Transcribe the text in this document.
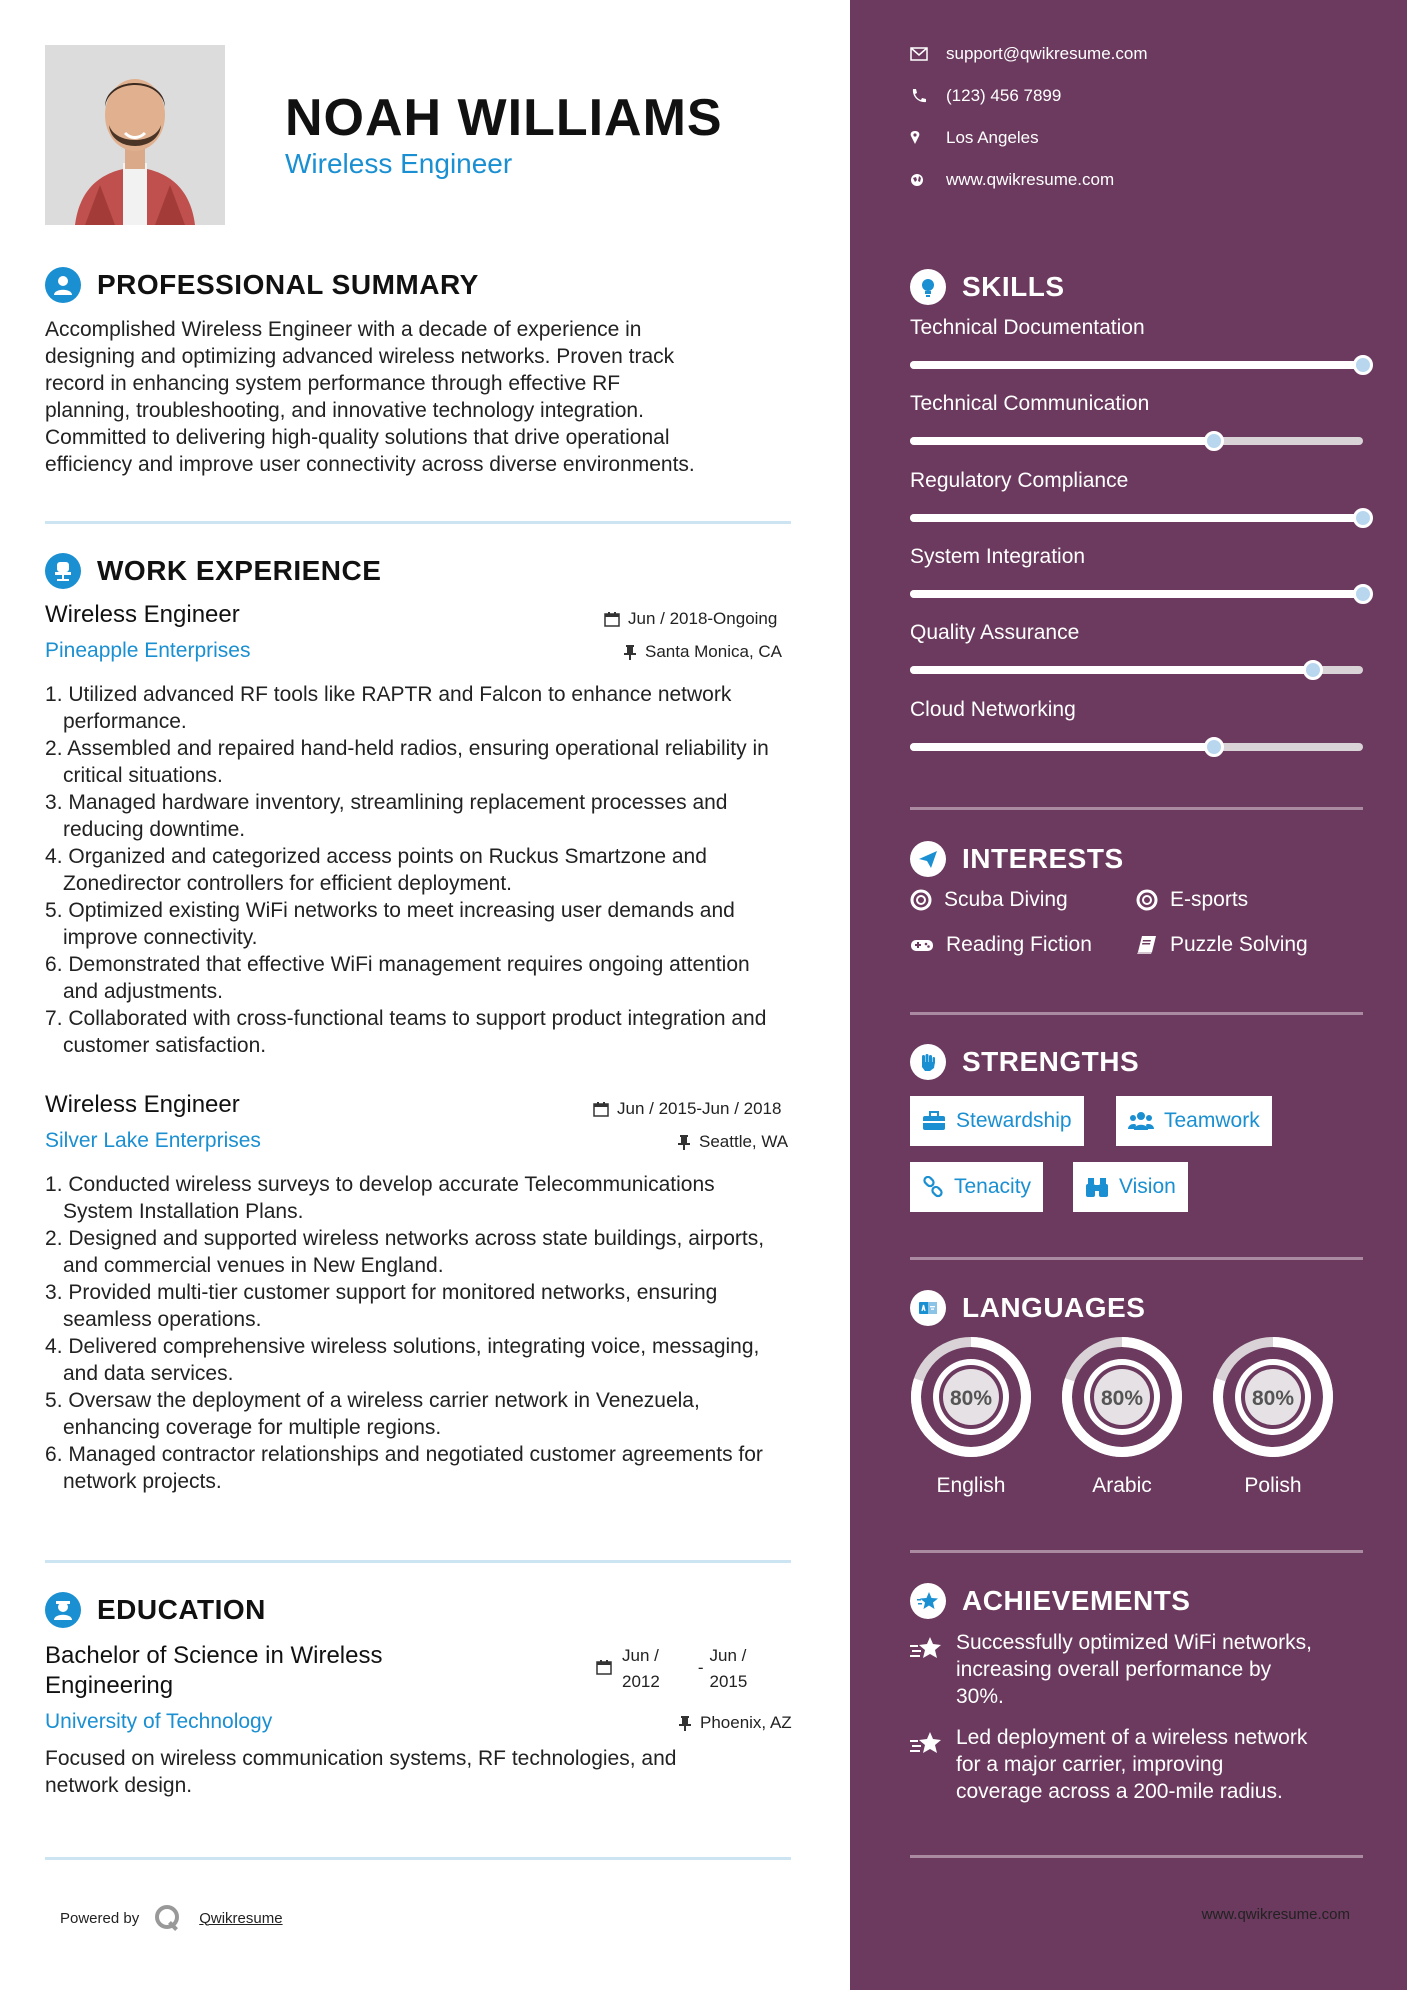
NOAH WILLIAMS
Wireless Engineer
PROFESSIONAL SUMMARY
Accomplished Wireless Engineer with a decade of experience in
designing and optimizing advanced wireless networks. Proven track
record in enhancing system performance through effective RF
planning, troubleshooting, and innovative technology integration.
Committed to delivering high-quality solutions that drive operational
efficiency and improve user connectivity across diverse environments.
WORK EXPERIENCE
Wireless Engineer
Pineapple Enterprises
Jun / 2018-Ongoing
Santa Monica, CA
Utilized advanced RF tools like RAPTR and Falcon to enhance network performance.
Assembled and repaired hand-held radios, ensuring operational reliability in critical situations.
Managed hardware inventory, streamlining replacement processes and reducing downtime.
Organized and categorized access points on Ruckus Smartzone and Zonedirector controllers for efficient deployment.
Optimized existing WiFi networks to meet increasing user demands and improve connectivity.
Demonstrated that effective WiFi management requires ongoing attention and adjustments.
Collaborated with cross-functional teams to support product integration and customer satisfaction.
Wireless Engineer
Silver Lake Enterprises
Jun / 2015-Jun / 2018
Seattle, WA
Conducted wireless surveys to develop accurate Telecommunications System Installation Plans.
Designed and supported wireless networks across state buildings, airports, and commercial venues in New England.
Provided multi-tier customer support for monitored networks, ensuring seamless operations.
Delivered comprehensive wireless solutions, integrating voice, messaging, and data services.
Oversaw the deployment of a wireless carrier network in Venezuela, enhancing coverage for multiple regions.
Managed contractor relationships and negotiated customer agreements for network projects.
EDUCATION
Bachelor of Science in Wireless
Engineering
University of Technology
Jun /
2012
-
Jun /
2015
Phoenix, AZ
Focused on wireless communication systems, RF technologies, and
network design.
Powered by	Qwikresume
support@qwikresume.com
(123) 456 7899
Los Angeles
www.qwikresume.com
SKILLS
Technical Documentation
Technical Communication
Regulatory Compliance
System Integration
Quality Assurance
Cloud Networking
INTERESTS
Scuba Diving	E-sports
Reading Fiction	Puzzle Solving
STRENGTHS
Stewardship	Teamwork
Tenacity	Vision
LANGUAGES
80%
English
80%
Arabic
80%
Polish
ACHIEVEMENTS
Successfully optimized WiFi networks,
increasing overall performance by
30%.
Led deployment of a wireless network
for a major carrier, improving
coverage across a 200-mile radius.
www.qwikresume.com
